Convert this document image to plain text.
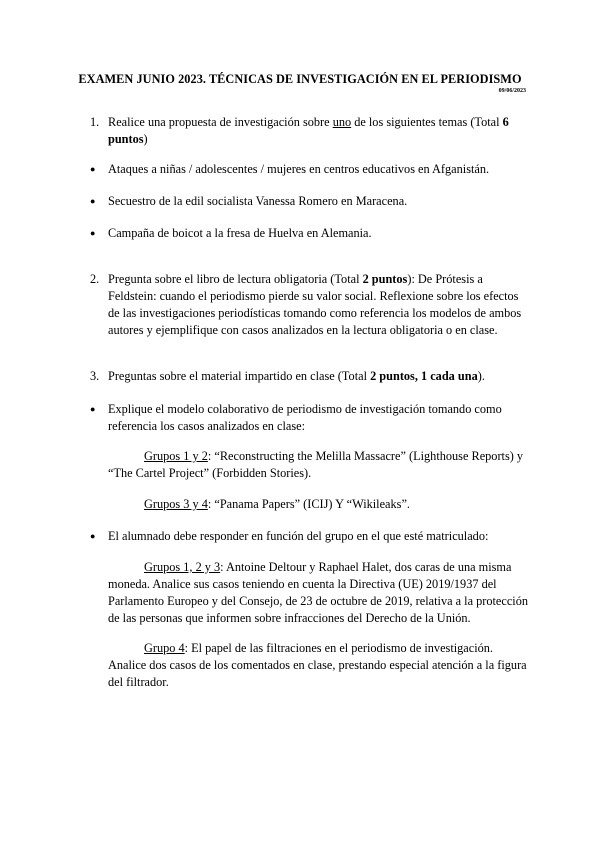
EXAMEN JUNIO 2023. TÉCNICAS DE INVESTIGACIÓN EN EL PERIODISMO
09/06/2023
1. Realice una propuesta de investigación sobre uno de los siguientes temas (Total 6 puntos)
● Ataques a niñas / adolescentes / mujeres en centros educativos en Afganistán.
● Secuestro de la edil socialista Vanessa Romero en Maracena.
● Campaña de boicot a la fresa de Huelva en Alemania.
2. Pregunta sobre el libro de lectura obligatoria (Total 2 puntos): De Prótesis a Feldstein: cuando el periodismo pierde su valor social. Reflexione sobre los efectos de las investigaciones periodísticas tomando como referencia los modelos de ambos autores y ejemplifique con casos analizados en la lectura obligatoria o en clase.
3. Preguntas sobre el material impartido en clase (Total 2 puntos, 1 cada una).
● Explique el modelo colaborativo de periodismo de investigación tomando como referencia los casos analizados en clase:
Grupos 1 y 2: “Reconstructing the Melilla Massacre” (Lighthouse Reports) y “The Cartel Project” (Forbidden Stories).
Grupos 3 y 4: “Panama Papers” (ICIJ) Y “Wikileaks”.
● El alumnado debe responder en función del grupo en el que esté matriculado:
Grupos 1, 2 y 3: Antoine Deltour y Raphael Halet, dos caras de una misma moneda. Analice sus casos teniendo en cuenta la Directiva (UE) 2019/1937 del Parlamento Europeo y del Consejo, de 23 de octubre de 2019, relativa a la protección de las personas que informen sobre infracciones del Derecho de la Unión.
Grupo 4: El papel de las filtraciones en el periodismo de investigación. Analice dos casos de los comentados en clase, prestando especial atención a la figura del filtrador.
